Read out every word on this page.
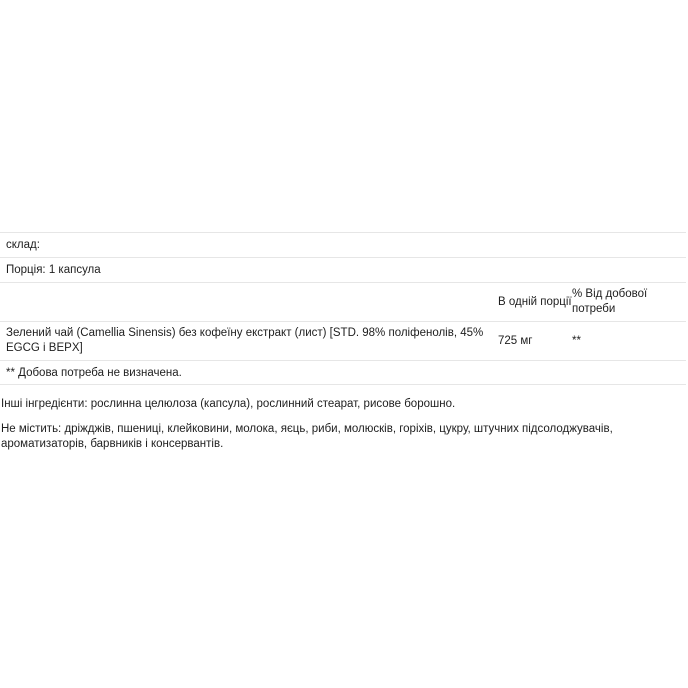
склад:
Порція: 1 капсула
В одній порції
% Від добової потреби
Зелений чай (Camellia Sinensis) без кофеїну екстракт (лист) [STD. 98% поліфенолів, 45% EGCG і BEPX]
725 мг	**
** Добова потреба не визначена.
Інші інгредієнти: рослинна целюлоза (капсула), рослинний стеарат, рисове борошно.
Не містить: дріжджів, пшениці, клейковини, молока, яєць, риби, молюсків, горіхів, цукру, штучних підсолоджувачів, ароматизаторів, барвників і консервантів.
